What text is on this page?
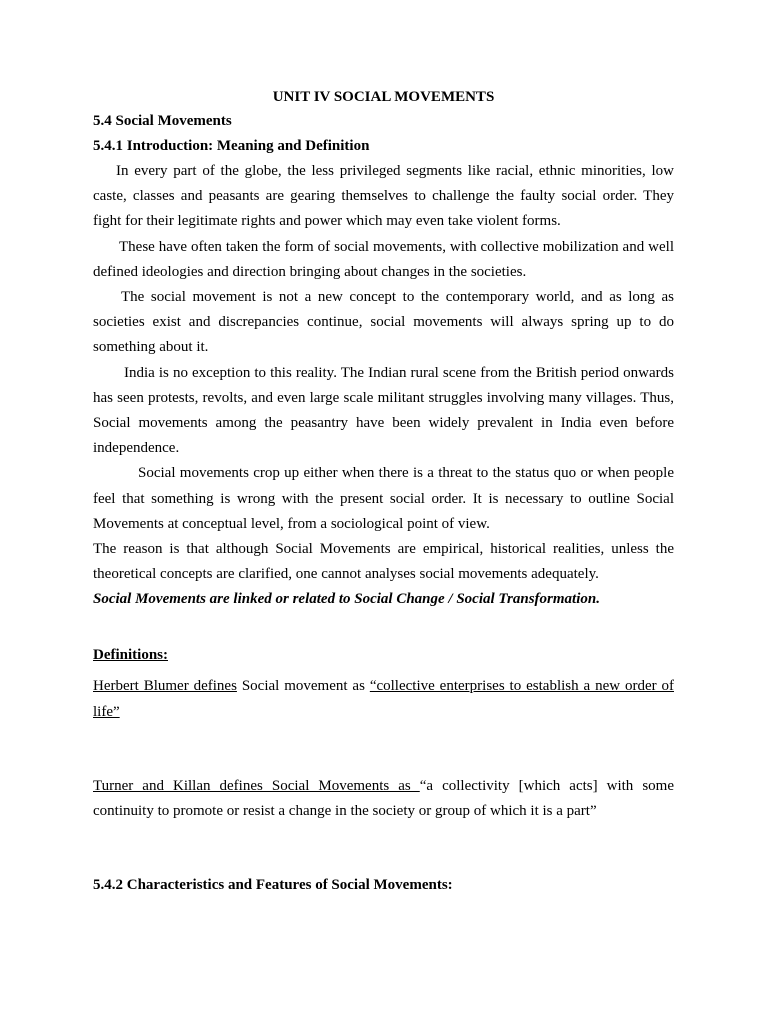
UNIT IV SOCIAL MOVEMENTS
5.4 Social Movements
5.4.1 Introduction: Meaning and Definition

In every part of the globe, the less privileged segments like racial, ethnic minorities, low caste, classes and peasants are gearing themselves to challenge the faulty social order. They fight for their legitimate rights and power which may even take violent forms.

These have often taken the form of social movements, with collective mobilization and well defined ideologies and direction bringing about changes in the societies.

The social movement is not a new concept to the contemporary world, and as long as societies exist and discrepancies continue, social movements will always spring up to do something about it.

India is no exception to this reality. The Indian rural scene from the British period onwards has seen protests, revolts, and even large scale militant struggles involving many villages. Thus, Social movements among the peasantry have been widely prevalent in India even before independence.

Social movements crop up either when there is a threat to the status quo or when people feel that something is wrong with the present social order. It is necessary to outline Social Movements at conceptual level, from a sociological point of view.

The reason is that although Social Movements are empirical, historical realities, unless the theoretical concepts are clarified, one cannot analyses social movements adequately.

Social Movements are linked or related to Social Change / Social Transformation.
Definitions:

Herbert Blumer defines Social movement as “collective enterprises to establish a new order of life”

Turner and Killan defines Social Movements as “a collectivity [which acts] with some continuity to promote or resist a change in the society or group of which it is a part”

5.4.2 Characteristics and Features of Social Movements:
